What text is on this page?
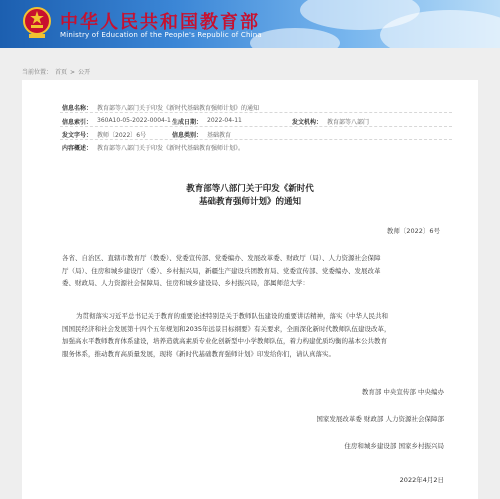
中华人民共和国教育部
Ministry of Education of the People's Republic of China
当前位置： 首页 > 公开
信息名称： 教育部等八部门关于印发《新时代基础教育强师计划》的通知
信息索引： 360A10-05-2022-0004-1 生成日期： 2022-04-11	发文机构： 教育部等八部门
发文字号： 教师〔2022〕6号	信息类别： 基础教育
内容概述： 教育部等八部门关于印发《新时代基础教育强师计划》。
教育部等八部门关于印发《新时代
基础教育强师计划》的通知
教师〔2022〕6号
各省、自治区、直辖市教育厅（教委）、党委宣传部、党委编办、发展改革委、财政厅（局）、人力资源社会保障
厅（局）、住房和城乡建设厅（委）、乡村振兴局，新疆生产建设兵团教育局、党委宣传部、党委编办、发展改革
委、财政局、人力资源社会保障局、住房和城乡建设局、乡村振兴局，部属师范大学：
为贯彻落实习近平总书记关于教育的重要论述特别是关于教师队伍建设的重要讲话精神，落实《中华人民共和
国国民经济和社会发展第十四个五年规划和2035年远景目标纲要》有关要求，全面深化新时代教师队伍建设改革，
加强高水平教师教育体系建设，培养造就高素质专业化创新型中小学教师队伍，着力构建优质均衡的基本公共教育
服务体系，推动教育高质量发展，现将《新时代基础教育强师计划》印发给你们，请认真落实。
教育部 中央宣传部 中央编办
国家发展改革委 财政部 人力资源社会保障部
住房和城乡建设部 国家乡村振兴局
2022年4月2日
